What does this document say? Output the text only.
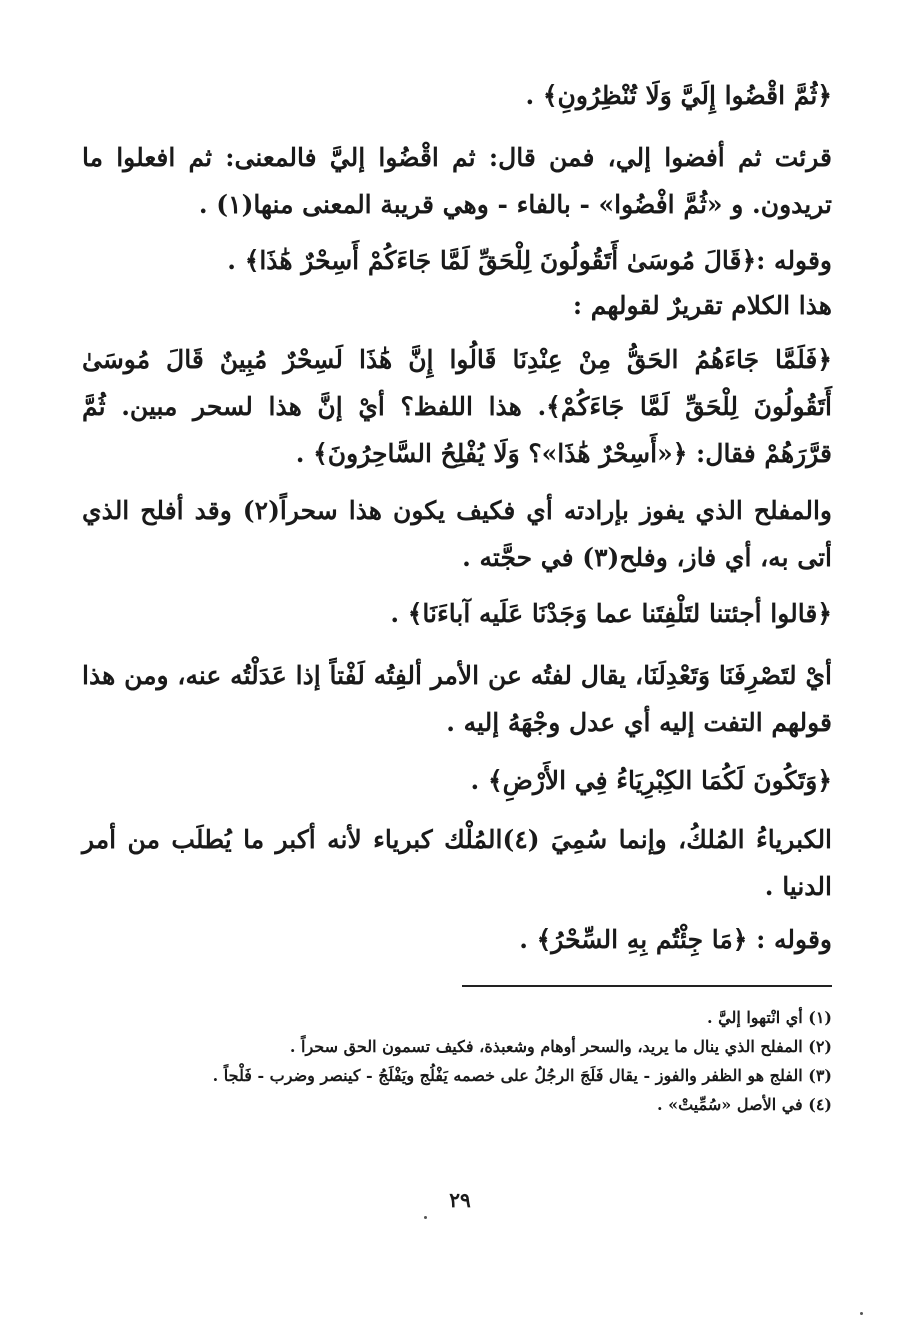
﴿ثُمَّ اقْضُوا إِلَيَّ وَلَا تُنْظِرُونِ﴾ .
قرئت ثم أفضوا إلي، فمن قال: ثم اقْضُوا إليَّ فالمعنى: ثم افعلوا ما تريدون. و «ثُمَّ افْضُوا» - بالفاء - وهي قريبة المعنى منها(١) .
وقوله :﴿قَالَ مُوسَىٰ أَتَقُولُونَ لِلْحَقِّ لَمَّا جَاءَكُمْ أَسِحْرٌ هَٰذَا﴾ .
هذا الكلام تقريرٌ لقولهم :
﴿فَلَمَّا جَاءَهُمُ الحَقُّ مِنْ عِنْدِنَا قَالُوا إِنَّ هَٰذَا لَسِحْرٌ مُبِينٌ قَالَ مُوسَىٰ أَتَقُولُونَ لِلْحَقِّ لَمَّا جَاءَكُمْ﴾. هذا اللفظ؟ أيْ إنَّ هذا لسحر مبين. ثُمَّ قرَّرَهُمْ فقال: ﴿«أَسِحْرٌ هَٰذَا»؟ وَلَا يُفْلِحُ السَّاحِرُونَ﴾ .
والمفلح الذي يفوز بإرادته أي فكيف يكون هذا سحراً(٢) وقد أفلح الذي أتى به، أي فاز، وفلح(٣) في حجَّته .
﴿قالوا أجئتنا لتَلْفِتَنا عما وَجَدْنَا عَلَيه آباءَنَا﴾ .
أيْ لتَصْرِفَنَا وَتَعْدِلَنَا، يقال لفتُه عن الأمر ألفِتُه لَفْتاً إذا عَدَلْتُه عنه، ومن هذا قولهم التفت إليه أي عدل وجْهَهُ إليه .
﴿وَتَكُونَ لَكُمَا الكِبْرِيَاءُ فِي الأَرْضِ﴾ .
الكبرياءُ المُلكُ، وإنما سُمِيَ (٤)المُلْك كبرياء لأنه أكبر ما يُطلَب من أمر الدنيا .
وقوله : ﴿مَا جِئْتُم بِهِ السِّحْرُ﴾ .
(١) أي انْتهوا إليَّ .
(٢) المفلح الذي ينال ما يريد، والسحر أوهام وشعبذة، فكيف تسمون الحق سحراً .
(٣) الفلج هو الظفر والفوز - يقال فَلَجَ الرجُلُ على خصمه يَفْلُج ويَفْلَجُ - كينصر وضرب - فَلْجاً .
(٤) في الأصل «سُمِّيتْ» .
٢٩
